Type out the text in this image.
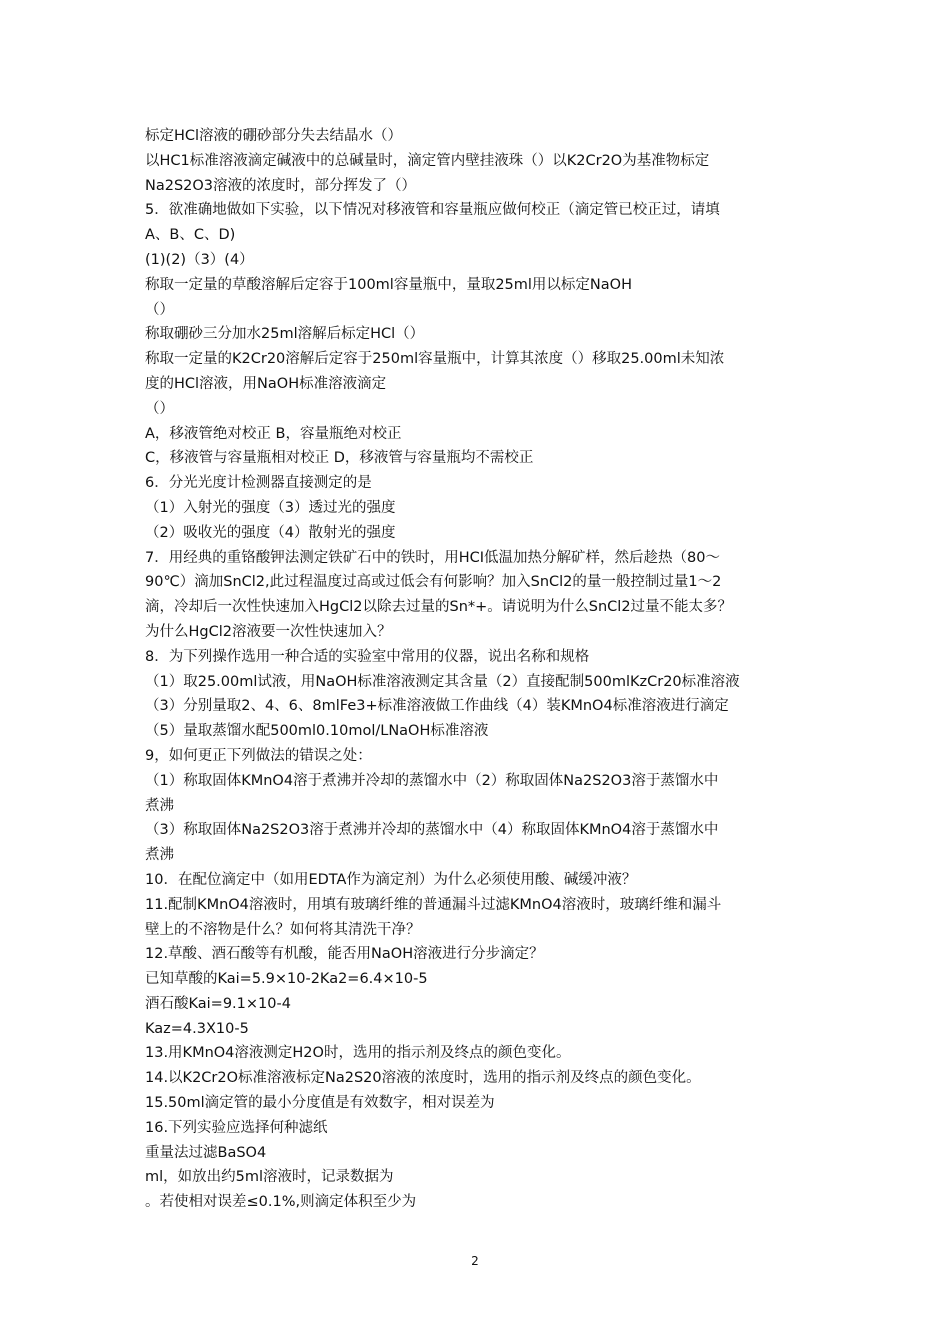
标定HCl溶液的硼砂部分失去结晶水（）
以HC1标准溶液滴定碱液中的总碱量时，滴定管内壁挂液珠（）以K2Cr2O为基准物标定
Na2S2O3溶液的浓度时，部分挥发了（）
5．欲准确地做如下实验，以下情况对移液管和容量瓶应做何校正（滴定管已校正过，请填
A、B、C、D)
(1)(2)（3）(4）
称取一定量的草酸溶解后定容于100ml容量瓶中，量取25ml用以标定NaOH
（）
称取硼砂三分加水25ml溶解后标定HCl（）
称取一定量的K2Cr20溶解后定容于250ml容量瓶中，计算其浓度（）移取25.00ml未知浓
度的HCl溶液，用NaOH标准溶液滴定
（）
A，移液管绝对校正 B，容量瓶绝对校正
C，移液管与容量瓶相对校正 D，移液管与容量瓶均不需校正
6．分光光度计检测器直接测定的是
（1）入射光的强度（3）透过光的强度
（2）吸收光的强度（4）散射光的强度
7．用经典的重铬酸钾法测定铁矿石中的铁时，用HCI低温加热分解矿样，然后趁热（80～
90℃）滴加SnCl2,此过程温度过高或过低会有何影响？加入SnCl2的量一般控制过量1～2
滴，冷却后一次性快速加入HgCl2以除去过量的Sn*+。请说明为什么SnCl2过量不能太多？
为什么HgCl2溶液要一次性快速加入？
8．为下列操作选用一种合适的实验室中常用的仪器，说出名称和规格
（1）取25.00ml试液，用NaOH标准溶液测定其含量（2）直接配制500mlKzCr20标准溶液
（3）分别量取2、4、6、8mlFe3+标准溶液做工作曲线（4）装KMnO4标准溶液进行滴定
（5）量取蒸馏水配500ml0.10mol/LNaOH标准溶液
9，如何更正下列做法的错误之处：
（1）称取固体KMnO4溶于煮沸并冷却的蒸馏水中（2）称取固体Na2S2O3溶于蒸馏水中
煮沸
（3）称取固体Na2S2O3溶于煮沸并冷却的蒸馏水中（4）称取固体KMnO4溶于蒸馏水中
煮沸
10．在配位滴定中（如用EDTA作为滴定剂）为什么必须使用酸、碱缓冲液？
11.配制KMnO4溶液时，用填有玻璃纤维的普通漏斗过滤KMnO4溶液时，玻璃纤维和漏斗
壁上的不溶物是什么？如何将其清洗干净？
12.草酸、酒石酸等有机酸，能否用NaOH溶液进行分步滴定？
已知草酸的Kai=5.9×10-2Ka2=6.4×10-5
酒石酸Kai=9.1×10-4
Kaz=4.3X10-5
13.用KMnO4溶液测定H2O时，选用的指示剂及终点的颜色变化。
14.以K2Cr2O标准溶液标定Na2S20溶液的浓度时，选用的指示剂及终点的颜色变化。
15.50ml滴定管的最小分度值是有效数字，相对误差为
16.下列实验应选择何种滤纸
重量法过滤BaSO4
ml，如放出约5ml溶液时，记录数据为
。若使相对误差≤0.1%,则滴定体积至少为
2
